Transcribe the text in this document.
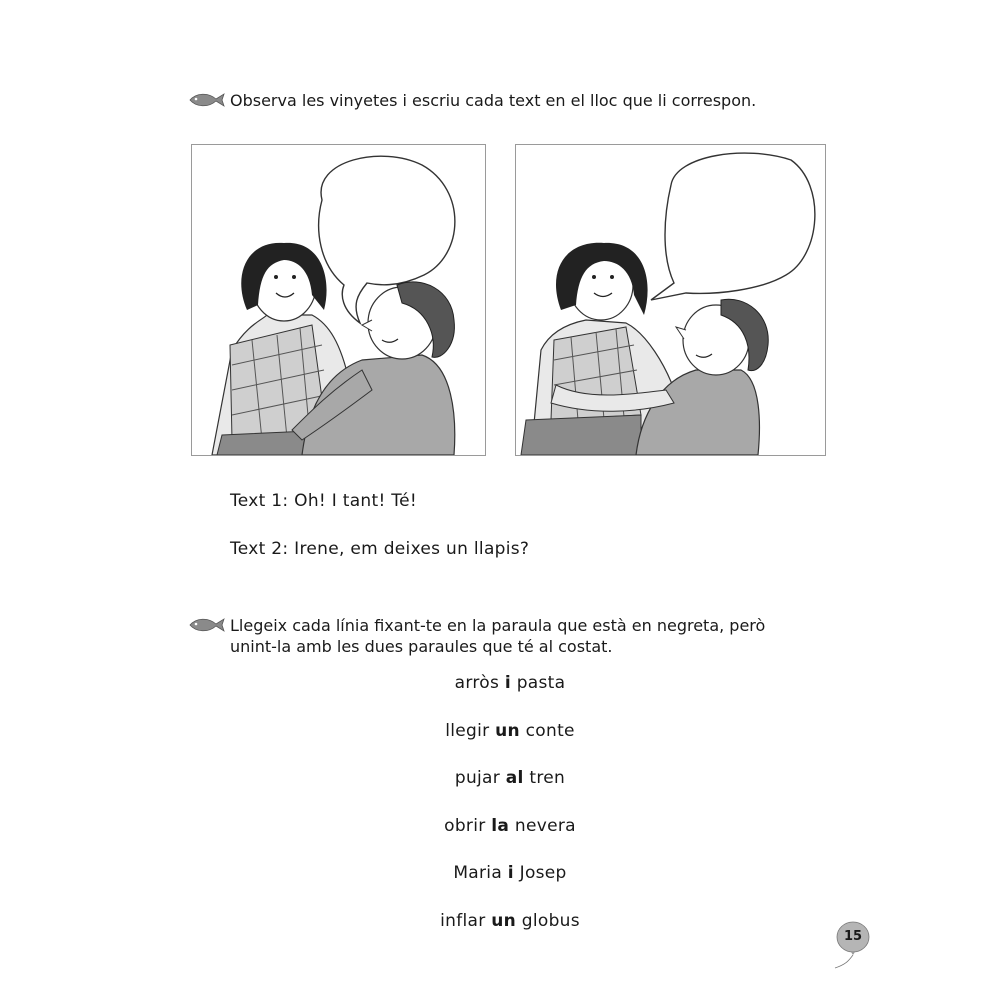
Observa les vinyetes i escriu cada text en el lloc que li correspon.
Text 1: Oh! I tant! Té!
Text 2: Irene, em deixes un llapis?
Llegeix cada línia fixant-te en la paraula que està en negreta, però unint-la amb les dues paraules que té al costat.
arròs i pasta
llegir un conte
pujar al tren
obrir la nevera
Maria i Josep
inflar un globus
15
